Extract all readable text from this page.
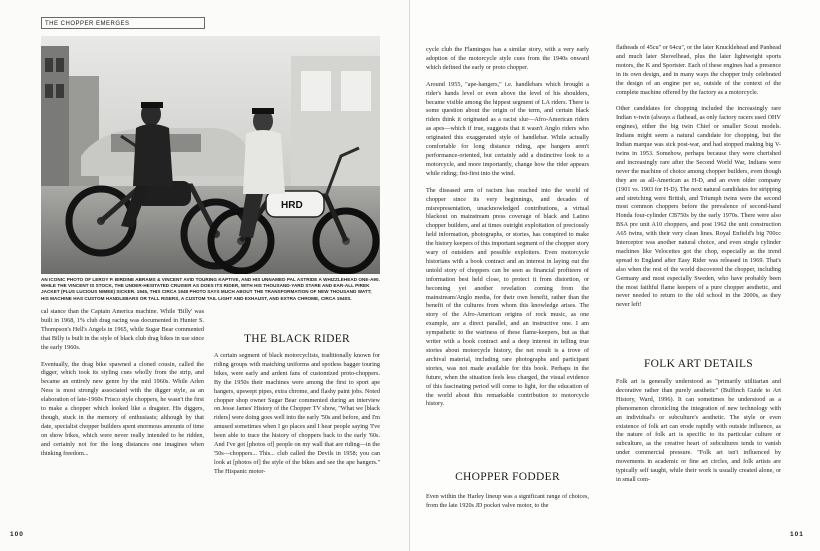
THE CHOPPER EMERGES
HRD
AN ICONIC PHOTO OF LEROY P. BIRDINE ABRAMS & VINCENT AVID TOURING KAPTIVE, AND HIS UNNAMED PAL ASTRIDE A WHIZZLEHEAD ONE-A90. WHILE THE VINCENT IS STOCK, THE UNDER-HESITATED CRUISER AS DOES ITS RIDER, WITH HIS THOUSAND-YARD STARE AND EAR-ALL PIREK JACKET (PLUS LUCIOUS NIMEE) SICKER. 1945, THIS CIRCA 1948 PHOTO SAYS MUCH ABOUT THE TRANSFORMATION OF NEW THOUSAND WATT; HIS MACHINE HAS CUSTOM HANDLEBARS OR TALL RISERS, A CUSTOM TAIL LIGHT AND EXHAUST, AND EXTRA CHROME, CIRCA 1940S.

cal stance than the Captain America machine. While 'Billy' was built in 1968, 1% club drag racing was documented in Hunter S. Thompson's Hell's Angels in 1965, while Sugar Bear commented that Billy is built in the style of black club drag bikes in use since the early 1960s.

Eventually, the drag bike spawned a cloned cousin, called the digger, which took its styling cues wholly from the strip, and became an entirely new genre by the mid 1960s. While Arlen Ness is most strongly associated with the digger style, as an elaboration of late-1960s Frisco style choppers, he wasn't the first to make a chopper which looked like a dragster. His diggers, though, stuck in the memory of enthusiasts; although by that date, specialist chopper builders spent enormous amounts of time on show bikes, which were never really intended to be ridden, and certainly not for the long distances one imagines when thinking freedom...

THE BLACK RIDER

A certain segment of black motorcyclists, traditionally known for riding groups with matching uniforms and spotless bagger touring bikes, were early and ardent fans of customized proto-choppers. By the 1950s their machines were among the first to sport ape hangers, upswept pipes, extra chrome, and flashy paint jobs. Noted chopper shop owner Sugar Bear commented during an interview on Jesse James' History of the Chopper TV show, "What we [black riders] were doing goes well into the early '50s and before, and I'm amused sometimes when I go places and I hear people saying 'I've been able to trace the history of choppers back to the early '60s. And I've got [photos of] people on my wall that are riding—in the '50s—choppers... This... club called the Devils in 1958; you can look at [photos of] the style of the bikes and see the ape hangers." The Hispanic motor-

100

cycle club the Flamingos has a similar story, with a very early adoption of the motorcycle style cues from the 1940s onward which defined the early or proto chopper.

Around 1955, "ape-hangers," i.e. handlebars which brought a rider's hands level or even above the level of his shoulders, became visible among the hippest segment of LA riders. There is some question about the origin of the term, and certain black riders think it originated as a racist slur—Afro-American riders as apes—which if true, suggests that it wasn't Anglo riders who originated this exaggerated style of handlebar. While actually comfortable for long distance riding, ape hangers aren't performance-oriented, but certainly add a distinctive look to a motorcycle, and more importantly, change how the rider appears while riding; fist-first into the wind.

The diseased arm of racism has reached into the world of chopper since its very beginnings, and decades of misrepresentation, unacknowledged contributions, a virtual blackout on mainstream press coverage of black and Latino chopper builders, and at times outright exploitation of preciously held information, photographs, or stories, has conspired to make the history keepers of this important segment of the chopper story wary of outsiders and possible exploiters. Even motorcycle historians with a book contract and an interest in laying out the untold story of choppers can be seen as financial profiteers of information best held close, to protect it from distortion, or becoming yet another revelation coming from the mainstream/Anglo media, for their own benefit, rather than the benefit of the cultures from whom this knowledge arises. The story of the Afro-American origins of rock music, as one example, are a direct parallel, and an instructive one. I am sympathetic to the wariness of these flame-keepers, but as that writer with a book contract and a deep interest in telling true stories about motorcycle history, the net result is a trove of archival material, including rare photographs and participant stories, was not made available for this book. Perhaps in the future, when the situation feels less charged, the visual evidence of this fascinating period will come to light, for the education of the world about this remarkable contribution to motorcycle history.

CHOPPER FODDER

Even within the Harley lineup was a significant range of choices, from the late 1920s JD pocket valve motor, to the

flatheads of 45cu" or 64cu", or the later Knucklehead and Panhead and much later Shovelhead, plus the later lightweight sports motors, the K and Sportster. Each of these engines had a presence in its own design, and in many ways the chopper truly celebrated the design of an engine per se, outside of the context of the complete machine offered by the factory as a motorcycle.

Other candidates for chopping included the increasingly rare Indian v-twin (always a flathead, as only factory racers used OHV engines), either the big twin Chief or smaller Scout models. Indians might seem a natural candidate for chopping, but the Indian marque was sick post-war, and had stopped making big V-twins in 1953. Somehow, perhaps because they were cherished and increasingly rare after the Second World War, Indians were never the machine of choice among chopper builders, even though they are as all-American as H-D, and an even older company (1901 vs. 1903 for H-D). The next natural candidates for stripping and stretching were British, and Triumph twins were the second most common choppers before the prevalence of second-hand Honda four-cylinder CB750s by the early 1970s. There were also BSA pre unit A10 choppers, and post 1962 the unit construction A65 twins, with their very clean lines. Royal Enfield's big 700cc Interceptor was another natural choice, and even single cylinder machines like Velocettes got the chop, especially as the trend spread to England after Easy Rider was released in 1969. That's also when the rest of the world discovered the chopper, including Germany and most especially Sweden, who have probably been the most faithful flame keepers of a pure chopper aesthetic, and never needed to return to the old school in the 2000s, as they never left!

FOLK ART DETAILS

Folk art is generally understood as "primarily utilitarian and decorative rather than purely aesthetic" (Bulfinch Guide to Art History, Ward, 1996). It can sometimes be understood as a phenomenon chronicling the integration of new technology with an individual's or subculture's aesthetic. The style or even existence of folk art can erode rapidly with outside influence, as the nature of folk art is specific to its particular culture or subculture, as the creative heart of subcultures tends to vanish under commercial pressure. "Folk art isn't influenced by movements in academic or fine art circles, and folk artists are typically self taught, while their work is usually created alone, or in small com-

101
